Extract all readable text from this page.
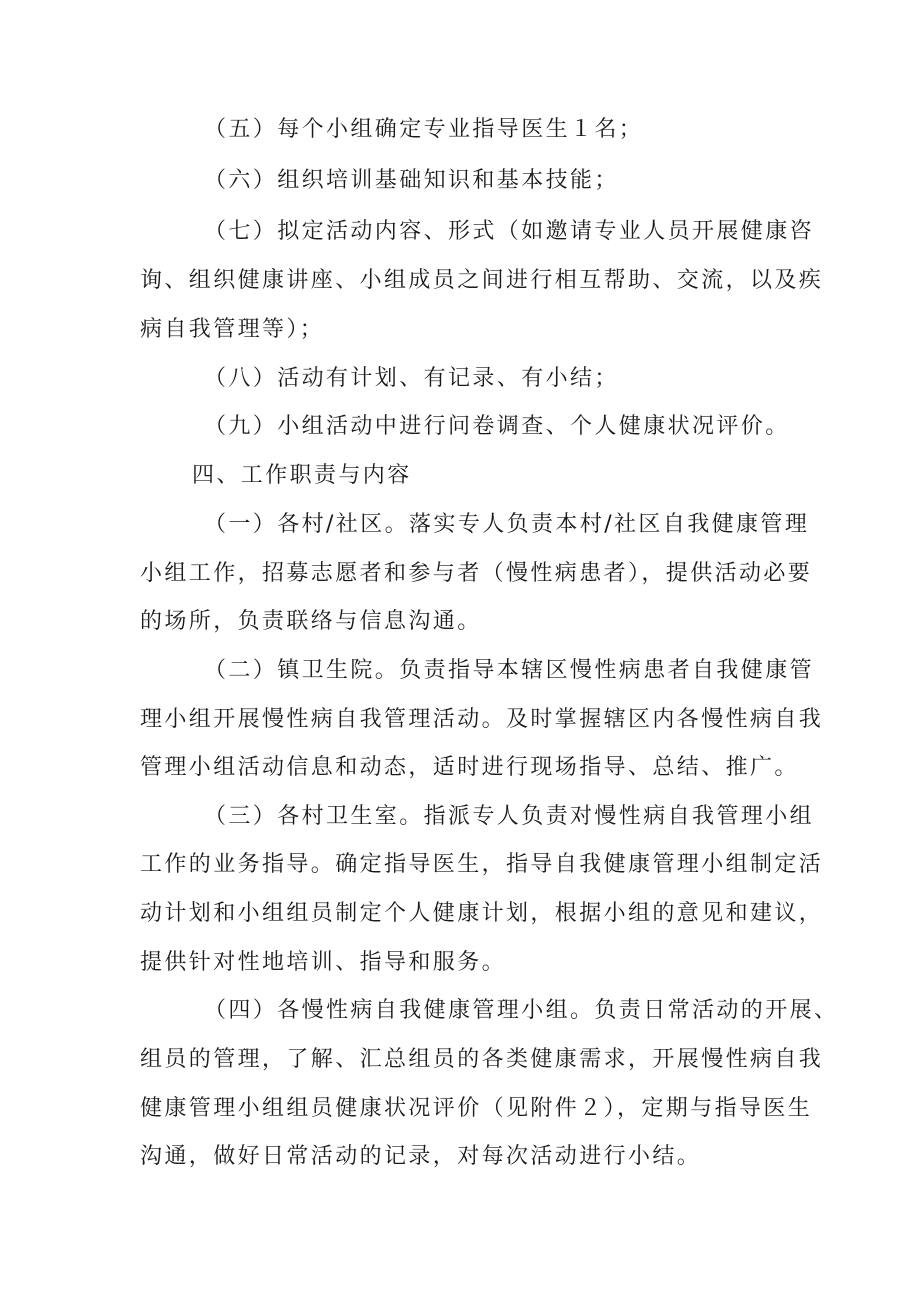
（五）每个小组确定专业指导医生１名；
（六）组织培训基础知识和基本技能；
（七）拟定活动内容、形式（如邀请专业人员开展健康咨
询、组织健康讲座、小组成员之间进行相互帮助、交流，以及疾
病自我管理等）；
（八）活动有计划、有记录、有小结；
（九）小组活动中进行问卷调查、个人健康状况评价。
四、工作职责与内容
（一）各村/社区。落实专人负责本村/社区自我健康管理
小组工作，招募志愿者和参与者（慢性病患者），提供活动必要
的场所，负责联络与信息沟通。
（二）镇卫生院。负责指导本辖区慢性病患者自我健康管
理小组开展慢性病自我管理活动。及时掌握辖区内各慢性病自我
管理小组活动信息和动态，适时进行现场指导、总结、推广。
（三）各村卫生室。指派专人负责对慢性病自我管理小组
工作的业务指导。确定指导医生，指导自我健康管理小组制定活
动计划和小组组员制定个人健康计划，根据小组的意见和建议，
提供针对性地培训、指导和服务。
（四）各慢性病自我健康管理小组。负责日常活动的开展、
组员的管理，了解、汇总组员的各类健康需求，开展慢性病自我
健康管理小组组员健康状况评价（见附件２），定期与指导医生
沟通，做好日常活动的记录，对每次活动进行小结。
